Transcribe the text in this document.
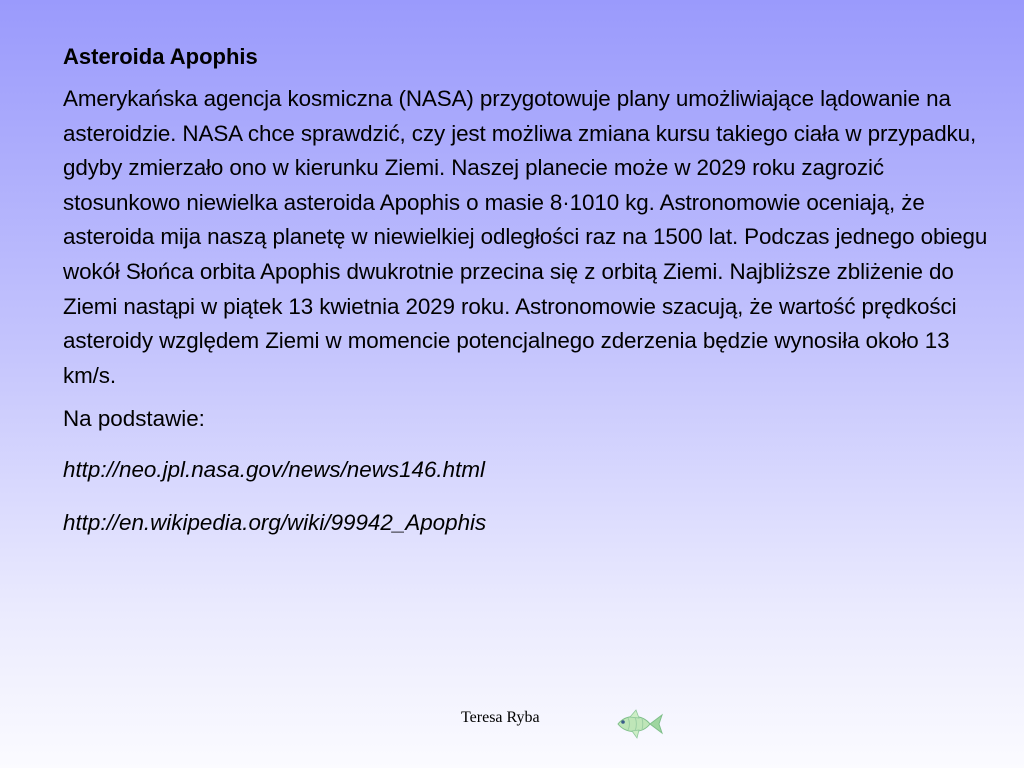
Asteroida Apophis
Amerykańska agencja kosmiczna (NASA) przygotowuje plany umożliwiające lądowanie na asteroidzie. NASA chce sprawdzić, czy jest możliwa zmiana kursu takiego ciała w przypadku, gdyby zmierzało ono w kierunku Ziemi. Naszej planecie może w 2029 roku zagrozić stosunkowo niewielka asteroida Apophis o masie 8·1010 kg. Astronomowie oceniają, że asteroida mija naszą planetę w niewielkiej odległości raz na 1500 lat. Podczas jednego obiegu wokół Słońca orbita Apophis dwukrotnie przecina się z orbitą Ziemi. Najbliższe zbliżenie do Ziemi nastąpi w piątek 13 kwietnia 2029 roku. Astronomowie szacują, że wartość prędkości asteroidy względem Ziemi w momencie potencjalnego zderzenia będzie wynosiła około 13 km/s.
Na podstawie:
http://neo.jpl.nasa.gov/news/news146.html
http://en.wikipedia.org/wiki/99942_Apophis
Teresa Ryba
